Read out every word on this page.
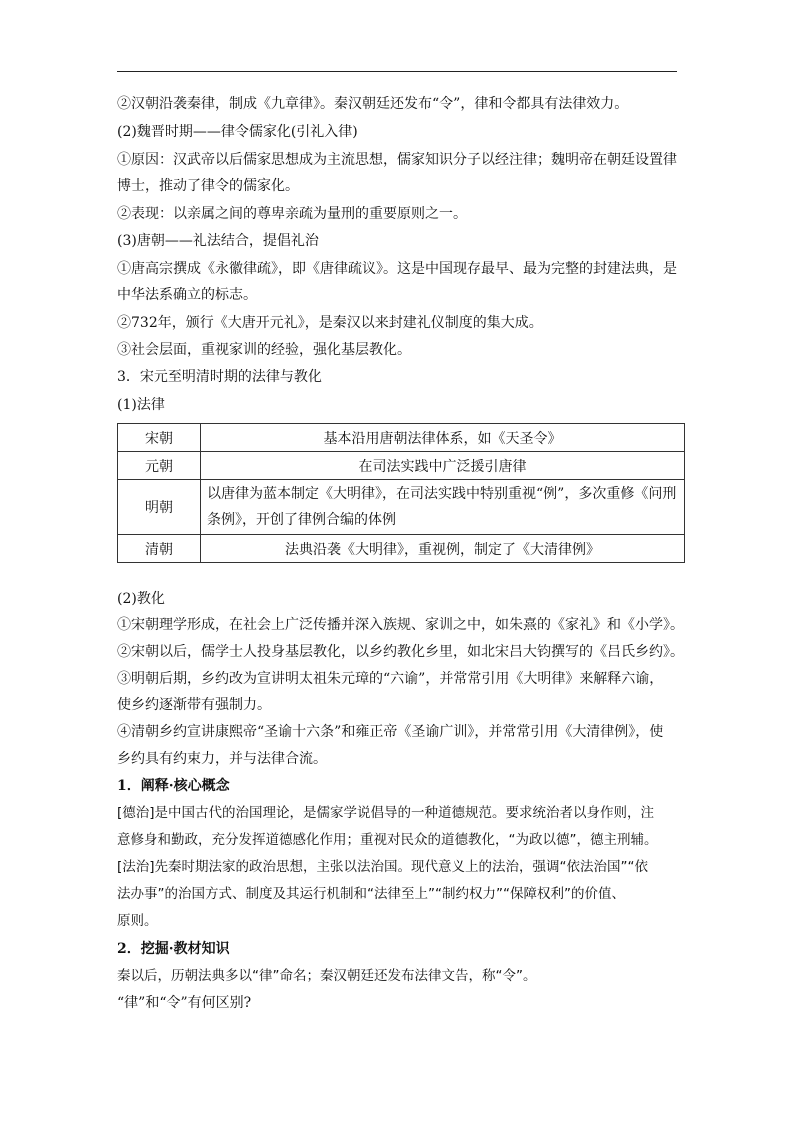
②汉朝沿袭秦律，制成《九章律》。秦汉朝廷还发布“令”，律和令都具有法律效力。
(2)魏晋时期——律令儒家化(引礼入律)
①原因：汉武帝以后儒家思想成为主流思想，儒家知识分子以经注律；魏明帝在朝廷设置律
博士，推动了律令的儒家化。
②表现：以亲属之间的尊卑亲疏为量刑的重要原则之一。
(3)唐朝——礼法结合，提倡礼治
①唐高宗撰成《永徽律疏》，即《唐律疏议》。这是中国现存最早、最为完整的封建法典，是
中华法系确立的标志。
②732年，颁行《大唐开元礼》，是秦汉以来封建礼仪制度的集大成。
③社会层面，重视家训的经验，强化基层教化。
3．宋元至明清时期的法律与教化
(1)法律
宋朝	基本沿用唐朝法律体系，如《天圣令》
元朝	在司法实践中广泛援引唐律
明朝	以唐律为蓝本制定《大明律》，在司法实践中特别重视“例”，多次重修《问刑条例》，开创了律例合编的体例
清朝	法典沿袭《大明律》，重视例，制定了《大清律例》
(2)教化
①宋朝理学形成，在社会上广泛传播并深入族规、家训之中，如朱熹的《家礼》和《小学》。
②宋朝以后，儒学士人投身基层教化，以乡约教化乡里，如北宋吕大钧撰写的《吕氏乡约》。
③明朝后期，乡约改为宣讲明太祖朱元璋的“六谕”，并常常引用《大明律》来解释六谕，
使乡约逐渐带有强制力。
④清朝乡约宣讲康熙帝“圣谕十六条”和雍正帝《圣谕广训》，并常常引用《大清律例》，使
乡约具有约束力，并与法律合流。
1．阐释·核心概念
[德治]是中国古代的治国理论，是儒家学说倡导的一种道德规范。要求统治者以身作则，注
意修身和勤政，充分发挥道德感化作用；重视对民众的道德教化，“为政以德”，德主刑辅。
[法治]先秦时期法家的政治思想，主张以法治国。现代意义上的法治，强调“依法治国”“依
法办事”的治国方式、制度及其运行机制和“法律至上”“制约权力”“保障权利”的价值、
原则。
2．挖掘·教材知识
秦以后，历朝法典多以“律”命名；秦汉朝廷还发布法律文告，称“令”。
“律”和“令”有何区别?
